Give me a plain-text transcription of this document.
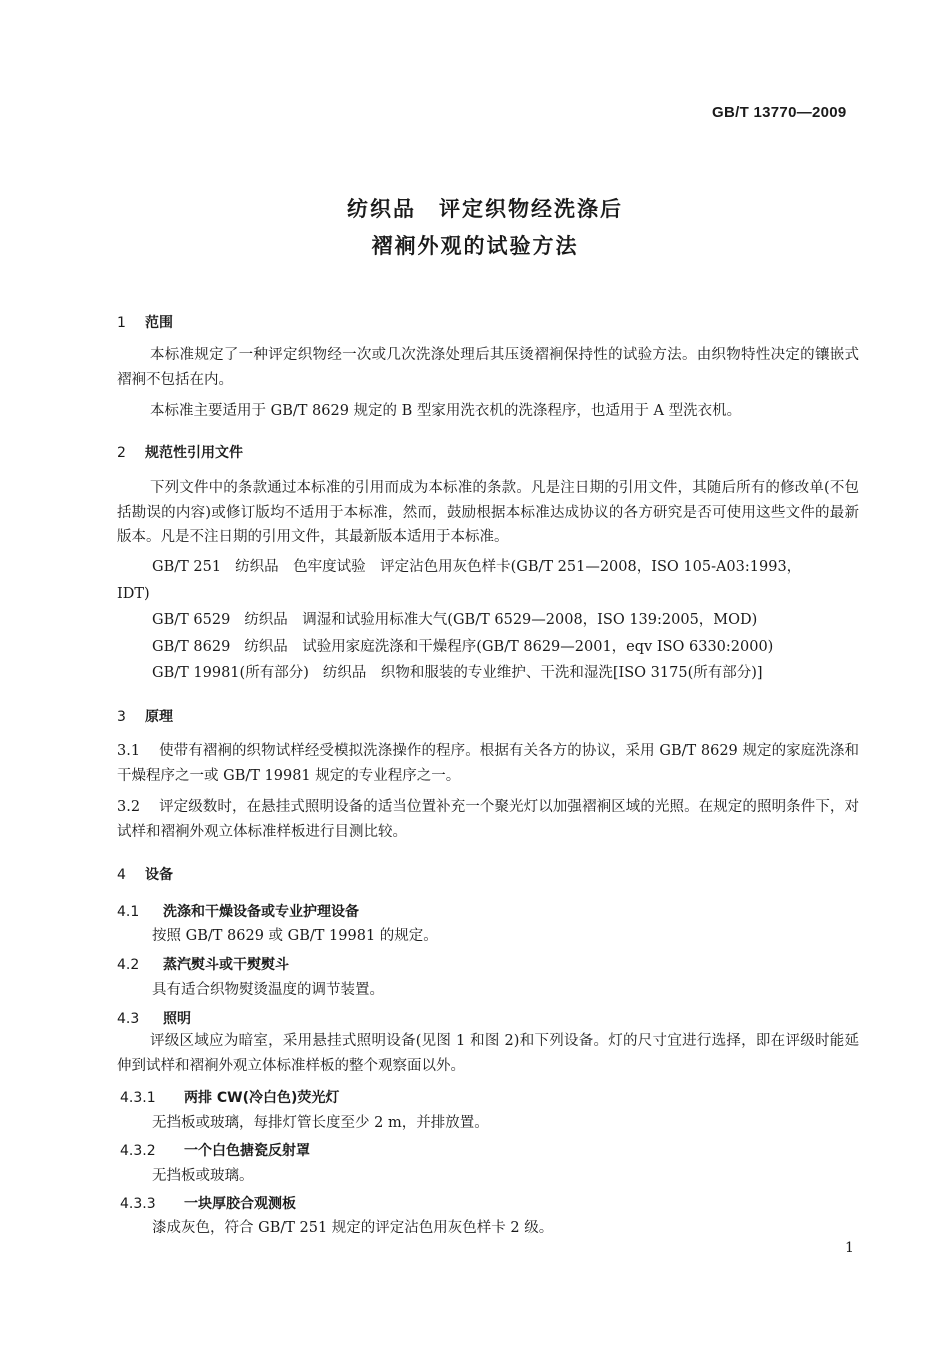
GB/T 13770—2009
纺织品　评定织物经洗涤后
褶裥外观的试验方法
1 范围
本标准规定了一种评定织物经一次或几次洗涤处理后其压烫褶裥保持性的试验方法。由织物特性决定的镶嵌式褶裥不包括在内。
本标准主要适用于 GB/T 8629 规定的 B 型家用洗衣机的洗涤程序，也适用于 A 型洗衣机。
2 规范性引用文件
下列文件中的条款通过本标准的引用而成为本标准的条款。凡是注日期的引用文件，其随后所有的修改单(不包括勘误的内容)或修订版均不适用于本标准，然而，鼓励根据本标准达成协议的各方研究是否可使用这些文件的最新版本。凡是不注日期的引用文件，其最新版本适用于本标准。
GB/T 251 纺织品　色牢度试验　评定沾色用灰色样卡(GB/T 251—2008，ISO 105-A03:1993，
IDT)
GB/T 6529 纺织品　调湿和试验用标准大气(GB/T 6529—2008，ISO 139:2005，MOD)
GB/T 8629 纺织品　试验用家庭洗涤和干燥程序(GB/T 8629—2001，eqv ISO 6330:2000)
GB/T 19981(所有部分) 纺织品　织物和服装的专业维护、干洗和湿洗[ISO 3175(所有部分)]
3 原理
3.1 使带有褶裥的织物试样经受模拟洗涤操作的程序。根据有关各方的协议，采用 GB/T 8629 规定的家庭洗涤和干燥程序之一或 GB/T 19981 规定的专业程序之一。
3.2 评定级数时，在悬挂式照明设备的适当位置补充一个聚光灯以加强褶裥区域的光照。在规定的照明条件下，对试样和褶裥外观立体标准样板进行目测比较。
4 设备
4.1 洗涤和干燥设备或专业护理设备
按照 GB/T 8629 或 GB/T 19981 的规定。
4.2 蒸汽熨斗或干熨熨斗
具有适合织物熨烫温度的调节装置。
4.3 照明
评级区域应为暗室，采用悬挂式照明设备(见图 1 和图 2)和下列设备。灯的尺寸宜进行选择，即在评级时能延伸到试样和褶裥外观立体标准样板的整个观察面以外。
4.3.1 两排 CW(冷白色)荧光灯
无挡板或玻璃，每排灯管长度至少 2 m，并排放置。
4.3.2 一个白色搪瓷反射罩
无挡板或玻璃。
4.3.3 一块厚胶合观测板
漆成灰色，符合 GB/T 251 规定的评定沾色用灰色样卡 2 级。
1
